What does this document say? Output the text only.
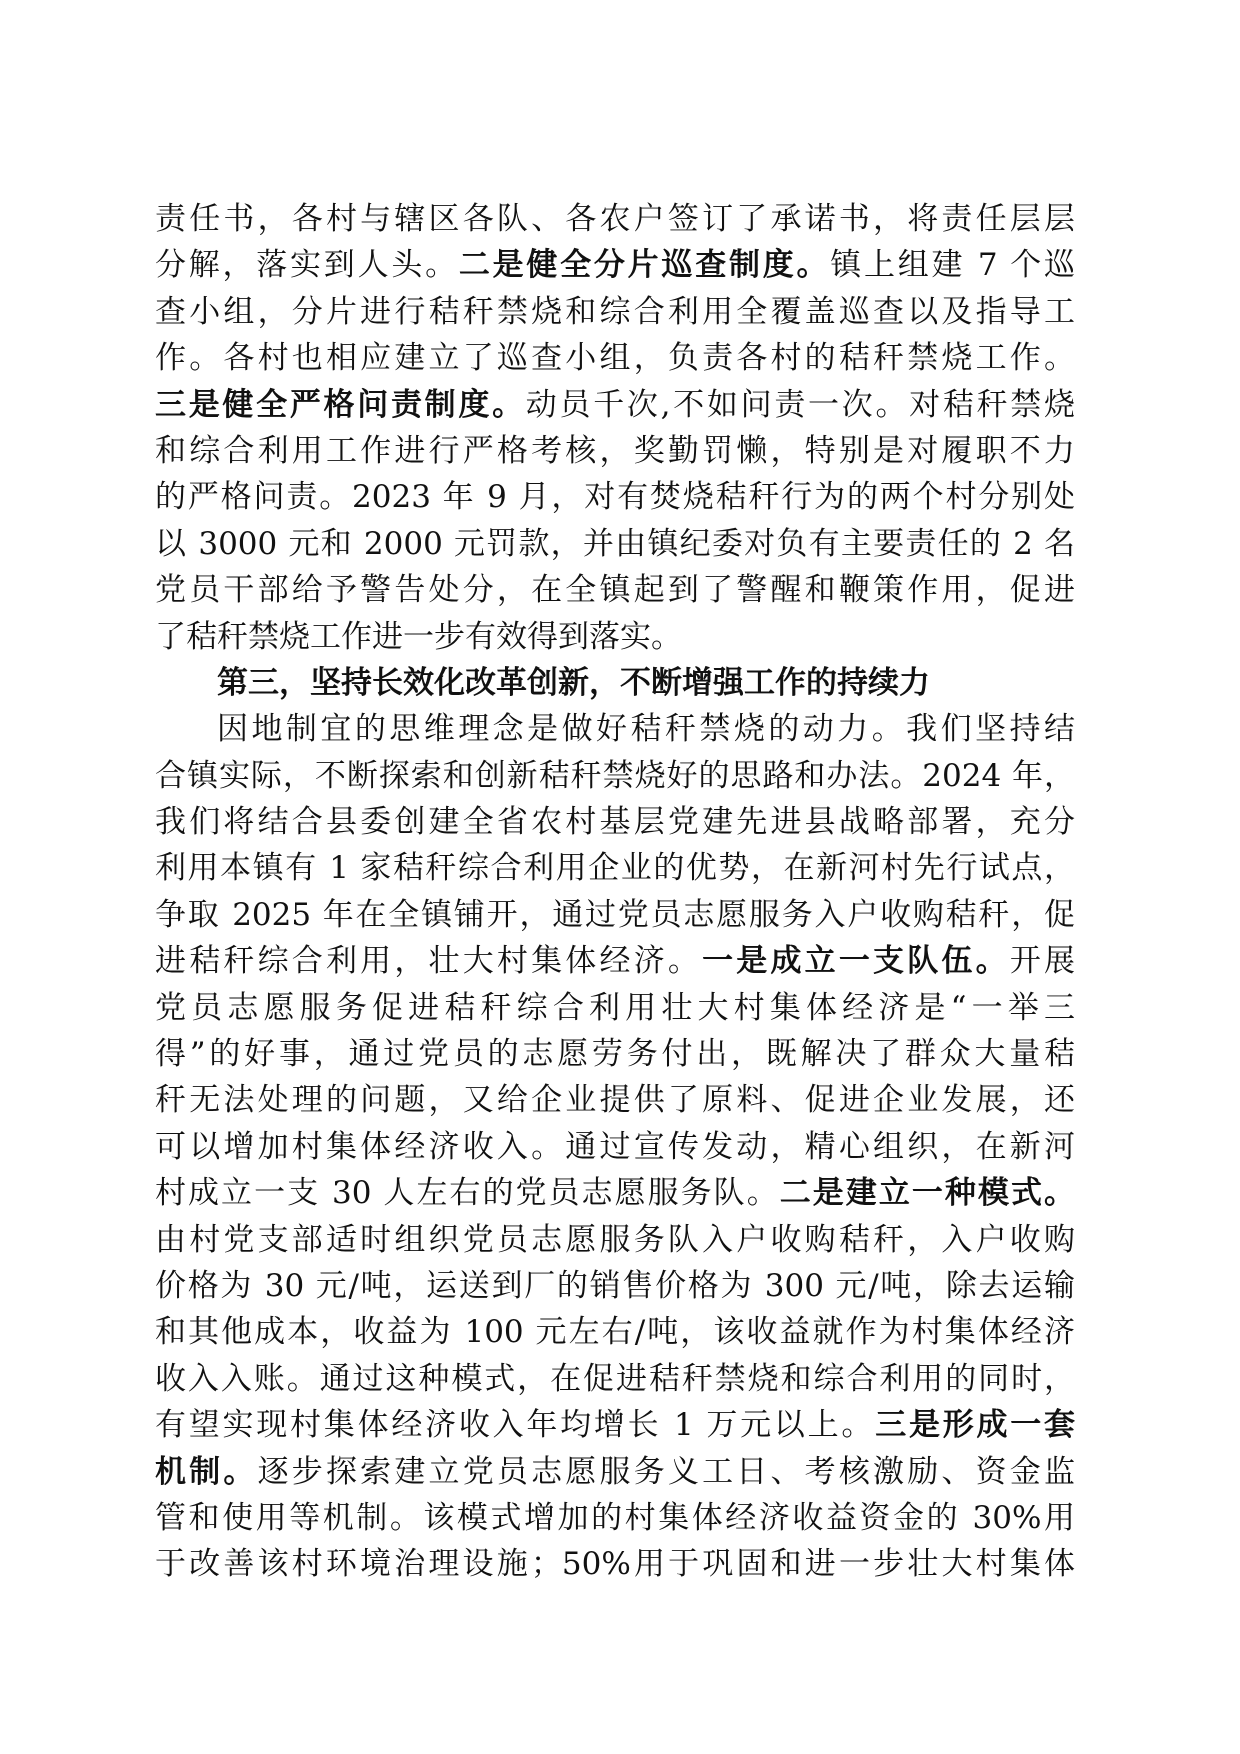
责任书，各村与辖区各队、各农户签订了承诺书，将责任层层
分解，落实到人头。二是健全分片巡查制度。镇上组建 7 个巡
查小组，分片进行秸秆禁烧和综合利用全覆盖巡查以及指导工
作。各村也相应建立了巡查小组，负责各村的秸秆禁烧工作。
三是健全严格问责制度。动员千次,不如问责一次。对秸秆禁烧
和综合利用工作进行严格考核，奖勤罚懒，特别是对履职不力
的严格问责。2023 年 9 月，对有焚烧秸秆行为的两个村分别处
以 3000 元和 2000 元罚款，并由镇纪委对负有主要责任的 2 名
党员干部给予警告处分，在全镇起到了警醒和鞭策作用，促进
了秸秆禁烧工作进一步有效得到落实。
第三，坚持长效化改革创新，不断增强工作的持续力
因地制宜的思维理念是做好秸秆禁烧的动力。我们坚持结
合镇实际，不断探索和创新秸秆禁烧好的思路和办法。2024 年，
我们将结合县委创建全省农村基层党建先进县战略部署，充分
利用本镇有 1 家秸秆综合利用企业的优势，在新河村先行试点，
争取 2025 年在全镇铺开，通过党员志愿服务入户收购秸秆，促
进秸秆综合利用，壮大村集体经济。一是成立一支队伍。开展
党员志愿服务促进秸秆综合利用壮大村集体经济是“一举三
得”的好事，通过党员的志愿劳务付出，既解决了群众大量秸
秆无法处理的问题，又给企业提供了原料、促进企业发展，还
可以增加村集体经济收入。通过宣传发动，精心组织，在新河
村成立一支 30 人左右的党员志愿服务队。二是建立一种模式。
由村党支部适时组织党员志愿服务队入户收购秸秆，入户收购
价格为 30 元/吨，运送到厂的销售价格为 300 元/吨，除去运输
和其他成本，收益为 100 元左右/吨，该收益就作为村集体经济
收入入账。通过这种模式，在促进秸秆禁烧和综合利用的同时，
有望实现村集体经济收入年均增长 1 万元以上。三是形成一套
机制。逐步探索建立党员志愿服务义工日、考核激励、资金监
管和使用等机制。该模式增加的村集体经济收益资金的 30%用
于改善该村环境治理设施；50%用于巩固和进一步壮大村集体
